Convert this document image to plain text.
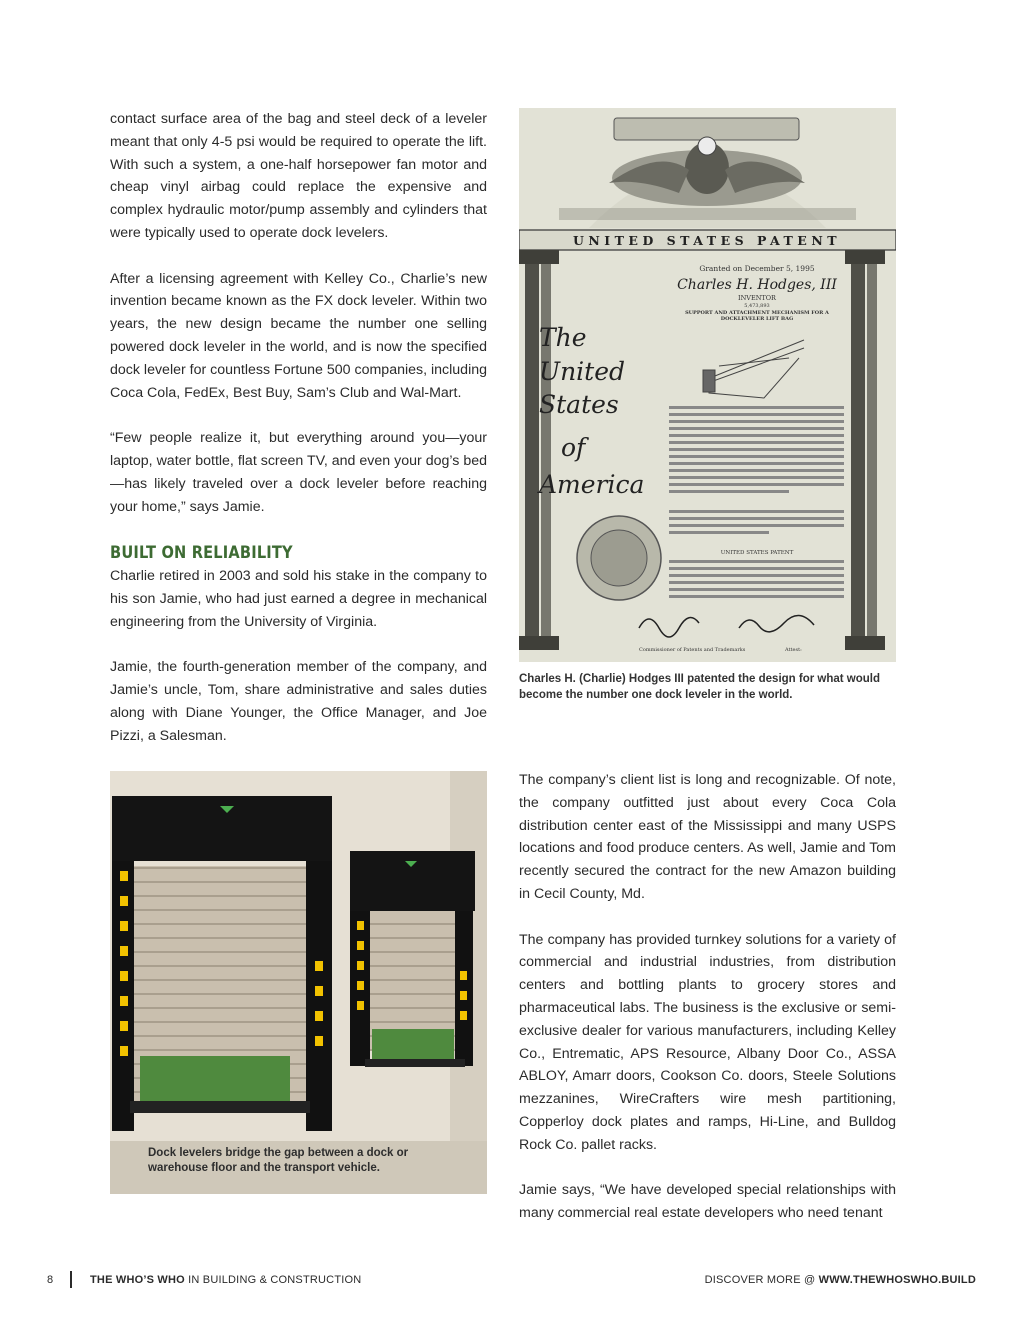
contact surface area of the bag and steel deck of a leveler meant that only 4-5 psi would be required to operate the lift. With such a system, a one-half horsepower fan motor and cheap vinyl airbag could replace the expensive and complex hydraulic motor/pump assembly and cylinders that were typically used to operate dock levelers.

After a licensing agreement with Kelley Co., Charlie’s new invention became known as the FX dock leveler. Within two years, the new design became the number one selling powered dock leveler in the world, and is now the specified dock leveler for countless Fortune 500 companies, including Coca Cola, FedEx, Best Buy, Sam’s Club and Wal-Mart.

“Few people realize it, but everything around you—your laptop, water bottle, flat screen TV, and even your dog’s bed—has likely traveled over a dock leveler before reaching your home,” says Jamie.

BUILT ON RELIABILITY

Charlie retired in 2003 and sold his stake in the company to his son Jamie, who had just earned a degree in mechanical engineering from the University of Virginia.

Jamie, the fourth-generation member of the company, and Jamie’s uncle, Tom, share administrative and sales duties along with Diane Younger, the Office Manager, and Joe Pizzi, a Salesman.

UNITED STATES PATENT
Granted on December 5, 1995
Charles H. Hodges, III
INVENTOR
5,473,893
SUPPORT AND ATTACHMENT MECHANISM FOR A
DOCKLEVELER LIFT BAG
The
United
States
of
America
UNITED STATES PATENT
Commissioner of Patents and Trademarks	Attest:
Charles H. (Charlie) Hodges III patented the design for what would become the number one dock leveler in the world.
Dock levelers bridge the gap between a dock or warehouse floor and the transport vehicle.

The company’s client list is long and recognizable. Of note, the company outfitted just about every Coca Cola distribution center east of the Mississippi and many USPS locations and food produce centers. As well, Jamie and Tom recently secured the contract for the new Amazon building in Cecil County, Md.

The company has provided turnkey solutions for a variety of commercial and industrial industries, from distribution centers and bottling plants to grocery stores and pharmaceutical labs. The business is the exclusive or semi-exclusive dealer for various manufacturers, including Kelley Co., Entrematic, APS Resource, Albany Door Co., ASSA ABLOY, Amarr doors, Cookson Co. doors, Steele Solutions mezzanines, WireCrafters wire mesh partitioning, Copperloy dock plates and ramps, Hi-Line, and Bulldog Rock Co. pallet racks.

Jamie says, “We have developed special relationships with many commercial real estate developers who need tenant

8	THE WHO’S WHO IN BUILDING & CONSTRUCTION	DISCOVER MORE @ WWW.THEWHOSWHO.BUILD
